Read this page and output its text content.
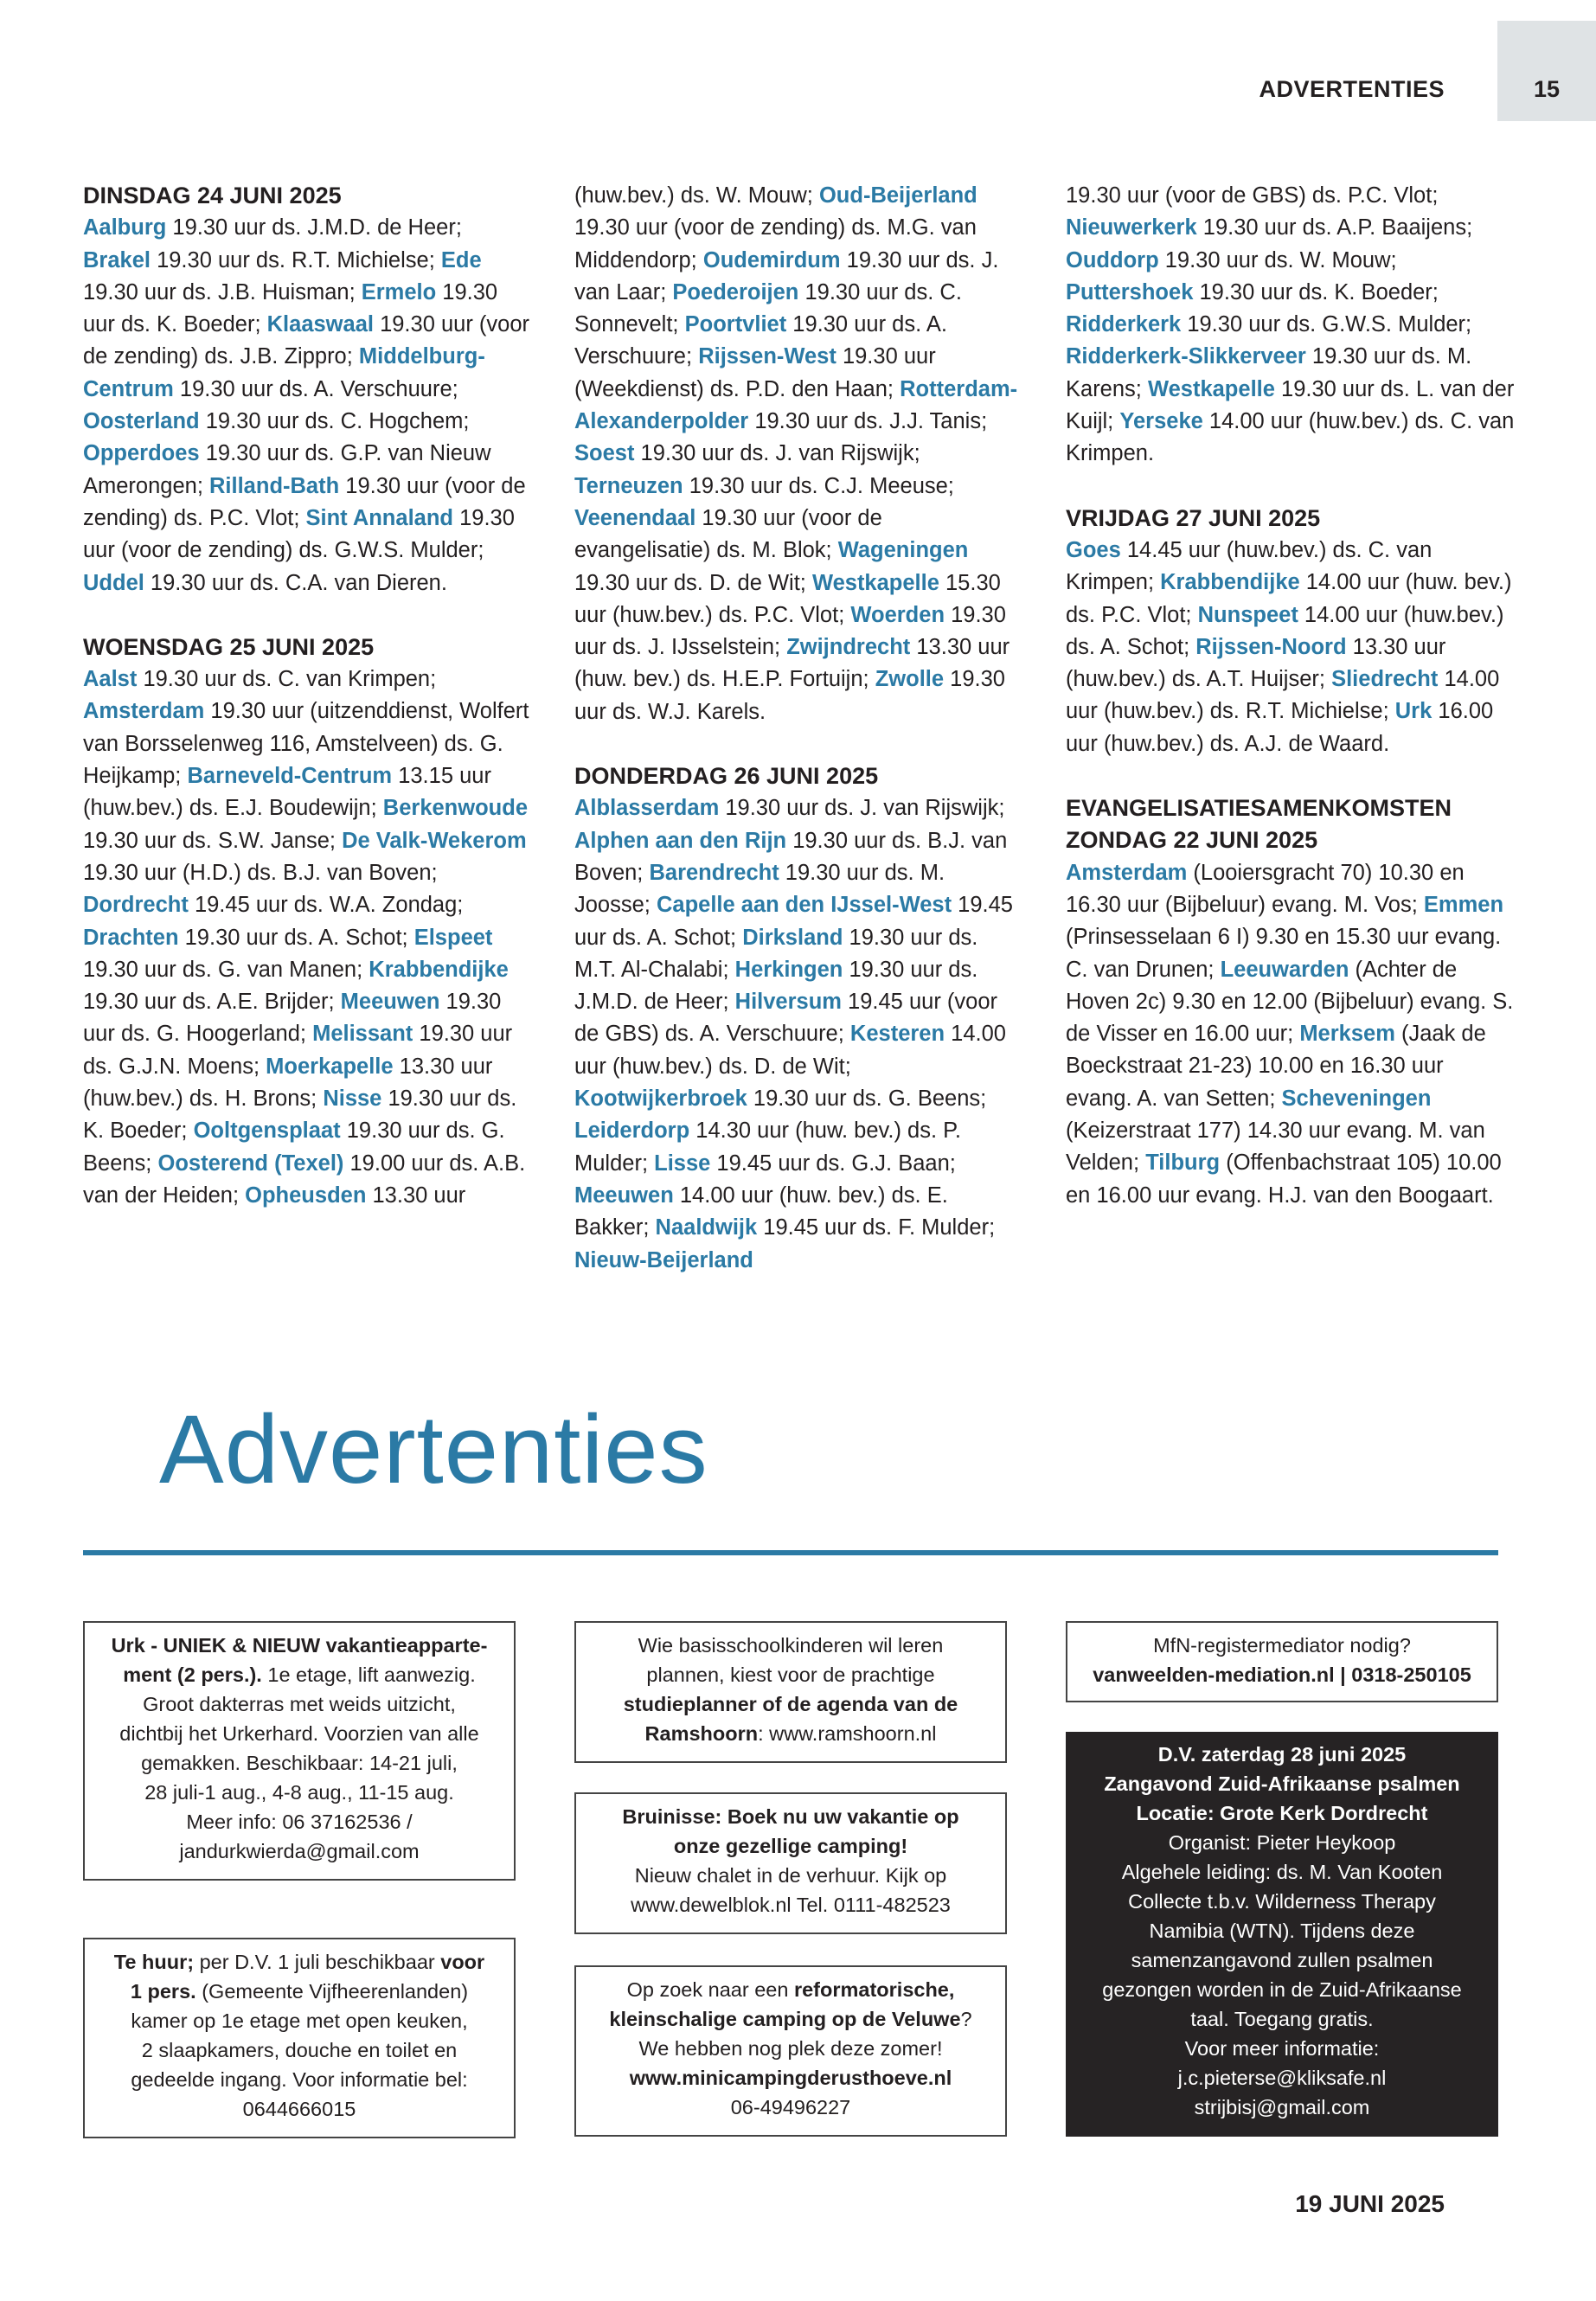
15
ADVERTENTIES
DINSDAG 24 JUNI 2025
Aalburg 19.30 uur ds. J.M.D. de Heer; Brakel 19.30 uur ds. R.T. Michielse; Ede 19.30 uur ds. J.B. Huisman; Ermelo 19.30 uur ds. K. Boeder; Klaaswaal 19.30 uur (voor de zending) ds. J.B. Zippro; Middelburg-Centrum 19.30 uur ds. A. Verschuure; Oosterland 19.30 uur ds. C. Hogchem; Opperdoes 19.30 uur ds. G.P. van Nieuw Amerongen; Rilland-Bath 19.30 uur (voor de zending) ds. P.C. Vlot; Sint Annaland 19.30 uur (voor de zending) ds. G.W.S. Mulder; Uddel 19.30 uur ds. C.A. van Dieren.
WOENSDAG 25 JUNI 2025
Aalst 19.30 uur ds. C. van Krimpen; Amsterdam 19.30 uur (uitzenddienst, Wolfert van Borsselenweg 116, Amstelveen) ds. G. Heijkamp; Barneveld-Centrum 13.15 uur (huw.bev.) ds. E.J. Boudewijn; Berkenwoude 19.30 uur ds. S.W. Janse; De Valk-Wekerom 19.30 uur (H.D.) ds. B.J. van Boven; Dordrecht 19.45 uur ds. W.A. Zondag; Drachten 19.30 uur ds. A. Schot; Elspeet 19.30 uur ds. G. van Manen; Krabbendijke 19.30 uur ds. A.E. Brijder; Meeuwen 19.30 uur ds. G. Hoogerland; Melissant 19.30 uur ds. G.J.N. Moens; Moerkapelle 13.30 uur (huw.bev.) ds. H. Brons; Nisse 19.30 uur ds. K. Boeder; Ooltgensplaat 19.30 uur ds. G. Beens; Oosterend (Texel) 19.00 uur ds. A.B. van der Heiden; Opheusden 13.30 uur
(huw.bev.) ds. W. Mouw; Oud-Beijerland 19.30 uur (voor de zending) ds. M.G. van Middendorp; Oudemirdum 19.30 uur ds. J. van Laar; Poederoijen 19.30 uur ds. C. Sonnevelt; Poortvliet 19.30 uur ds. A. Verschuure; Rijssen-West 19.30 uur (Weekdienst) ds. P.D. den Haan; Rotterdam-Alexanderpolder 19.30 uur ds. J.J. Tanis; Soest 19.30 uur ds. J. van Rijswijk; Terneuzen 19.30 uur ds. C.J. Meeuse; Veenendaal 19.30 uur (voor de evangelisatie) ds. M. Blok; Wageningen 19.30 uur ds. D. de Wit; Westkapelle 15.30 uur (huw.bev.) ds. P.C. Vlot; Woerden 19.30 uur ds. J. IJsselstein; Zwijndrecht 13.30 uur (huw. bev.) ds. H.E.P. Fortuijn; Zwolle 19.30 uur ds. W.J. Karels.
DONDERDAG 26 JUNI 2025
Alblasserdam 19.30 uur ds. J. van Rijswijk; Alphen aan den Rijn 19.30 uur ds. B.J. van Boven; Barendrecht 19.30 uur ds. M. Joosse; Capelle aan den IJssel-West 19.45 uur ds. A. Schot; Dirksland 19.30 uur ds. M.T. Al-Chalabi; Herkingen 19.30 uur ds. J.M.D. de Heer; Hilversum 19.45 uur (voor de GBS) ds. A. Verschuure; Kesteren 14.00 uur (huw.bev.) ds. D. de Wit; Kootwijkerbroek 19.30 uur ds. G. Beens; Leiderdorp 14.30 uur (huw. bev.) ds. P. Mulder; Lisse 19.45 uur ds. G.J. Baan; Meeuwen 14.00 uur (huw. bev.) ds. E. Bakker; Naaldwijk 19.45 uur ds. F. Mulder; Nieuw-Beijerland
19.30 uur (voor de GBS) ds. P.C. Vlot; Nieuwerkerk 19.30 uur ds. A.P. Baaijens; Ouddorp 19.30 uur ds. W. Mouw; Puttershoek 19.30 uur ds. K. Boeder; Ridderkerk 19.30 uur ds. G.W.S. Mulder; Ridderkerk-Slikkerveer 19.30 uur ds. M. Karens; Westkapelle 19.30 uur ds. L. van der Kuijl; Yerseke 14.00 uur (huw.bev.) ds. C. van Krimpen.
VRIJDAG 27 JUNI 2025
Goes 14.45 uur (huw.bev.) ds. C. van Krimpen; Krabbendijke 14.00 uur (huw. bev.) ds. P.C. Vlot; Nunspeet 14.00 uur (huw.bev.) ds. A. Schot; Rijssen-Noord 13.30 uur (huw.bev.) ds. A.T. Huijser; Sliedrecht 14.00 uur (huw.bev.) ds. R.T. Michielse; Urk 16.00 uur (huw.bev.) ds. A.J. de Waard.
EVANGELISATIESAMENKOMSTEN ZONDAG 22 JUNI 2025
Amsterdam (Looiersgracht 70) 10.30 en 16.30 uur (Bijbeluur) evang. M. Vos; Emmen (Prinsesselaan 6 I) 9.30 en 15.30 uur evang. C. van Drunen; Leeuwarden (Achter de Hoven 2c) 9.30 en 12.00 (Bijbeluur) evang. S. de Visser en 16.00 uur; Merksem (Jaak de Boeckstraat 21-23) 10.00 en 16.30 uur evang. A. van Setten; Scheveningen (Keizerstraat 177) 14.30 uur evang. M. van Velden; Tilburg (Offenbachstraat 105) 10.00 en 16.00 uur evang. H.J. van den Boogaart.
Advertenties
Urk - UNIEK & NIEUW vakantieapparte-
ment (2 pers.). 1e etage, lift aanwezig.
Groot dakterras met weids uitzicht,
dichtbij het Urkerhard. Voorzien van alle
gemakken. Beschikbaar: 14-21 juli,
28 juli-1 aug., 4-8 aug., 11-15 aug.
Meer info: 06 37162536 /
jandurkwierda@gmail.com
Te huur; per D.V. 1 juli beschikbaar voor
1 pers. (Gemeente Vijfheerenlanden)
kamer op 1e etage met open keuken,
2 slaapkamers, douche en toilet en
gedeelde ingang. Voor informatie bel:
0644666015
Wie basisschoolkinderen wil leren
plannen, kiest voor de prachtige
studieplanner of de agenda van de
Ramshoorn: www.ramshoorn.nl
Bruinisse: Boek nu uw vakantie op
onze gezellige camping!
Nieuw chalet in de verhuur. Kijk op
www.dewelblok.nl Tel. 0111-482523
Op zoek naar een reformatorische,
kleinschalige camping op de Veluwe?
We hebben nog plek deze zomer!
www.minicampingderusthoeve.nl
06-49496227
MfN-registermediator nodig?
vanweelden-mediation.nl | 0318-250105
D.V. zaterdag 28 juni 2025
Zangavond Zuid-Afrikaanse psalmen
Locatie: Grote Kerk Dordrecht
Organist: Pieter Heykoop
Algehele leiding: ds. M. Van Kooten
Collecte t.b.v. Wilderness Therapy
Namibia (WTN). Tijdens deze
samenzangavond zullen psalmen
gezongen worden in de Zuid-Afrikaanse
taal. Toegang gratis.
Voor meer informatie:
j.c.pieterse@kliksafe.nl
strijbisj@gmail.com
19 JUNI 2025
